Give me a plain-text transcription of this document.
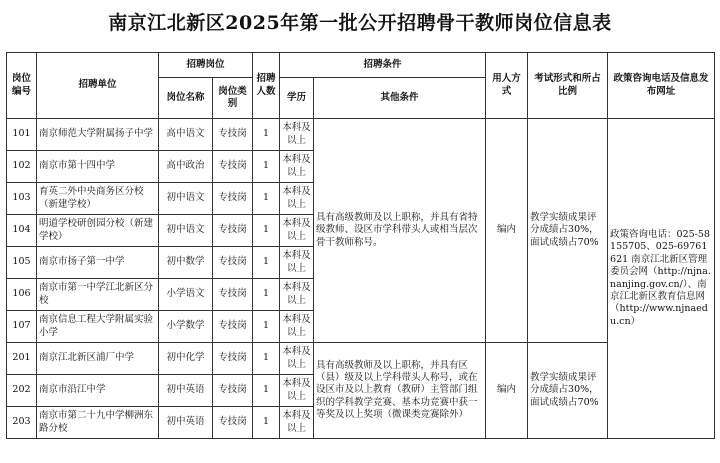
南京江北新区2025年第一批公开招聘骨干教师岗位信息表
岗位编号	招聘单位	招聘岗位		招聘人数	招聘条件		用人方式	考试形式和所占比例	政策咨询电话及信息发布网址
		岗位名称	岗位类别		学历	其他条件			
101	南京师范大学附属扬子中学	高中语文	专技岗	1	本科及以上	具有高级教师及以上职称，并具有省特级教师、设区市学科带头人或相当层次骨干教师称号。	编内	教学实绩成果评分成绩占30%，面试成绩占70%	政策咨询电话：025-58155705、025-69761621 南京江北新区管理委员会网（http://njna.nanjing.gov.cn/）、南京江北新区教育信息网（http://www.njnaedu.cn）
102	南京市第十四中学	高中政治	专技岗	1	本科及以上				
103	育英二外中央商务区分校（新建学校）	初中语文	专技岗	1	本科及以上				
104	明道学校研创园分校（新建学校）	初中语文	专技岗	1	本科及以上				
105	南京市扬子第一中学	初中数学	专技岗	1	本科及以上				
106	南京市第一中学江北新区分校	小学语文	专技岗	1	本科及以上				
107	南京信息工程大学附属实验小学	小学数学	专技岗	1	本科及以上				
201	南京江北新区浦厂中学	初中化学	专技岗	1	本科及以上	具有高级教师及以上职称，并具有区（县）级及以上学科带头人称号，或在设区市及以上教育（教研）主管部门组织的学科教学竞赛、基本功竞赛中获一等奖及以上奖项（微课类竞赛除外）	编内	教学实绩成果评分成绩占30%，面试成绩占70%	
202	南京市沿江中学	初中英语	专技岗	1	本科及以上				
203	南京市第二十九中学柳洲东路分校	初中英语	专技岗	1	本科及以上				
